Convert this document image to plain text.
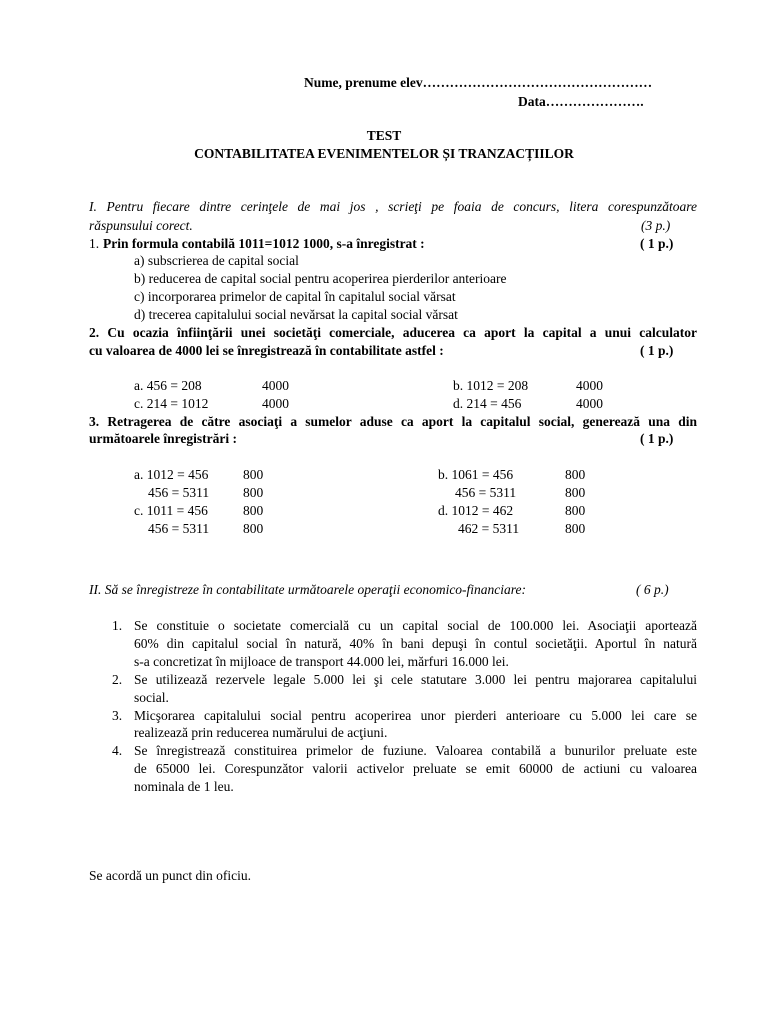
Nume, prenume elev……………………………………………
Data………………….
TEST
CONTABILITATEA EVENIMENTELOR ȘI TRANZACȚIILOR
I. Pentru fiecare dintre cerinţele de mai jos , scrieţi pe foaia de concurs, litera corespunzătoare
răspunsului corect.	(3 p.)
1. Prin formula contabilă 1011=1012 1000, s-a înregistrat :	( 1 p.)
a) subscrierea de capital social
b) reducerea de capital social pentru acoperirea pierderilor anterioare
c) incorporarea primelor de capital în capitalul social vărsat
d) trecerea capitalului social nevărsat la capital social vărsat
2. Cu ocazia înfiinţării unei societăţi comerciale, aducerea ca aport la capital a unui calculator
cu valoarea de 4000 lei se înregistrează în contabilitate astfel :	( 1 p.)
a. 456 = 208	4000	b. 1012 = 208	4000
c. 214 = 1012	4000	d. 214 = 456	4000
3. Retragerea de către asociaţi a sumelor aduse ca aport la capitalul social, generează una din
următoarele înregistrări :	( 1 p.)
a. 1012 = 456	800	b. 1061 = 456	800
456 = 5311	800	456 = 5311	800
c. 1011 = 456	800	d. 1012 = 462	800
456 = 5311	800	462 = 5311	800
II. Să se înregistreze în contabilitate următoarele operaţii economico-financiare:	( 6 p.)
1. Se constituie o societate comercială cu un capital social de 100.000 lei. Asociaţii aportează
60% din capitalul social în natură, 40% în bani depuşi în contul societăţii. Aportul în natură
s-a concretizat în mijloace de transport 44.000 lei, mărfuri 16.000 lei.
2. Se utilizează rezervele legale 5.000 lei şi cele statutare 3.000 lei pentru majorarea capitalului
social.
3. Micşorarea capitalului social pentru acoperirea unor pierderi anterioare cu 5.000 lei care se
realizează prin reducerea numărului de acţiuni.
4. Se înregistrează constituirea primelor de fuziune. Valoarea contabilă a bunurilor preluate este
de 65000 lei. Corespunzător valorii activelor preluate se emit 60000 de actiuni cu valoarea
nominala de 1 leu.
Se acordă un punct din oficiu.
